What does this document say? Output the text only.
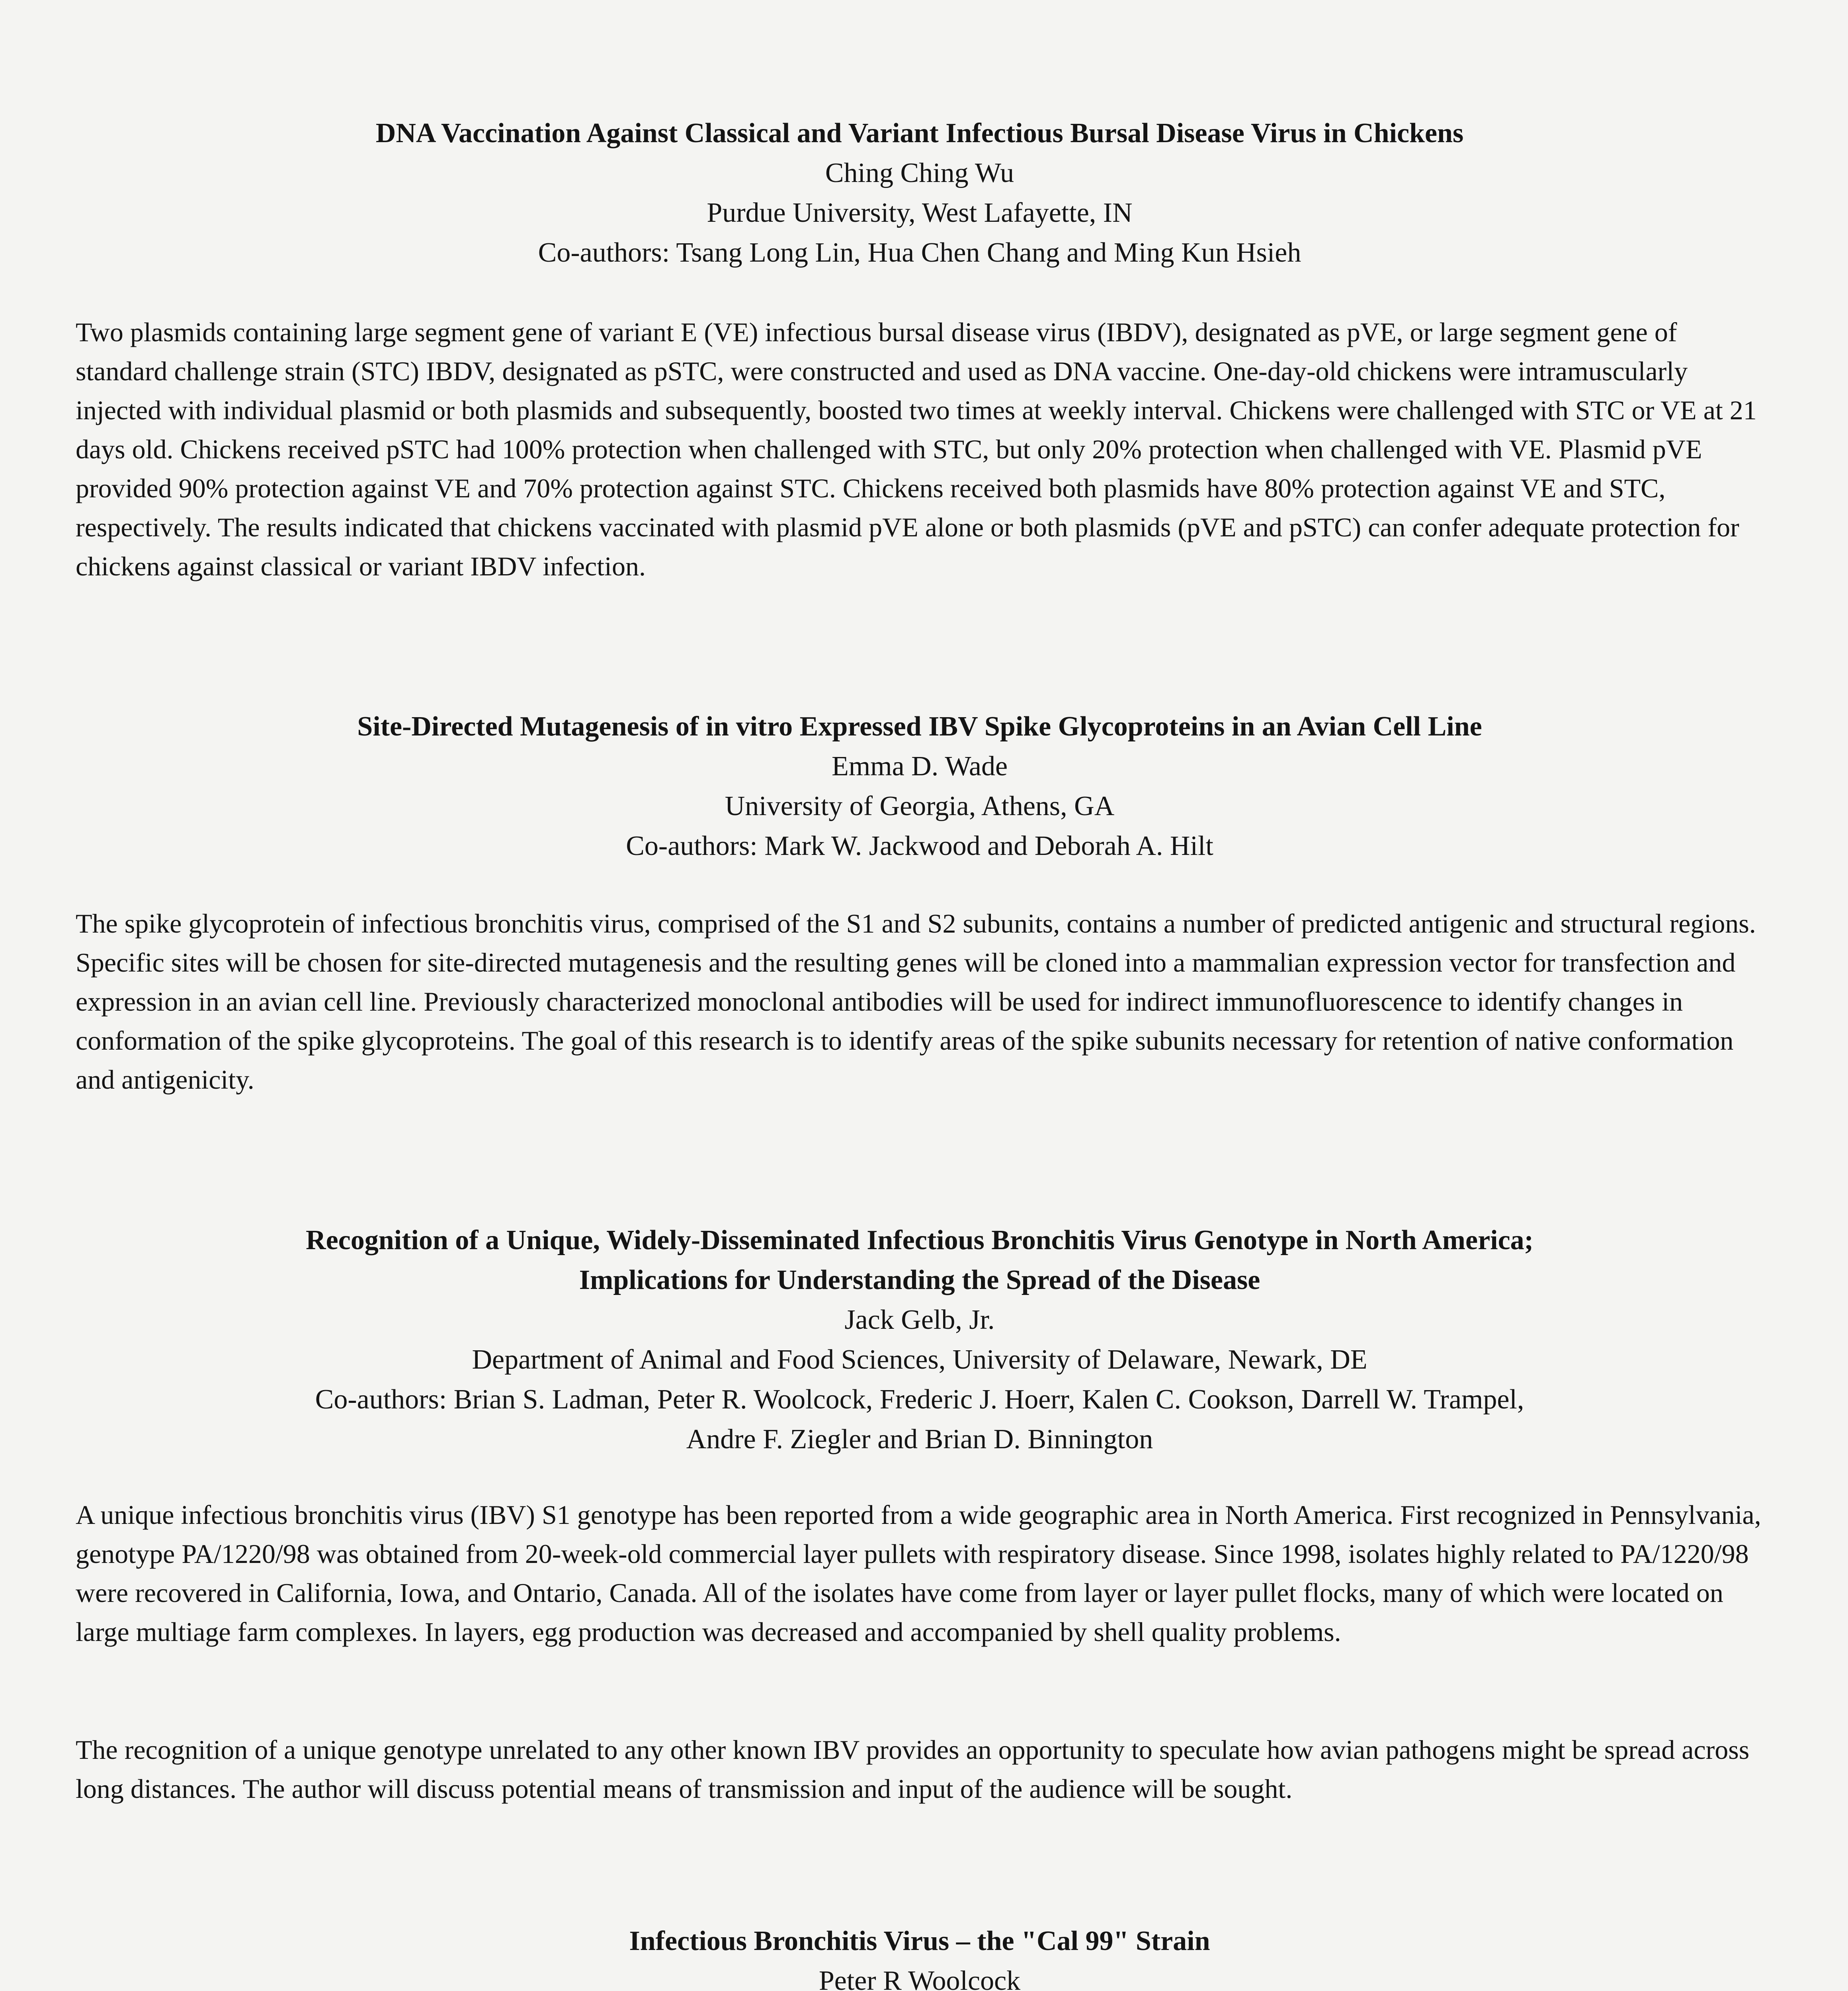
DNA Vaccination Against Classical and Variant Infectious Bursal Disease Virus in Chickens

Ching Ching Wu

Purdue University, West Lafayette, IN

Co-authors: Tsang Long Lin, Hua Chen Chang and Ming Kun Hsieh

Two plasmids containing large segment gene of variant E (VE) infectious bursal disease virus (IBDV), designated as pVE, or large segment gene of standard challenge strain (STC) IBDV, designated as pSTC, were constructed and used as DNA vaccine. One-day-old chickens were intramuscularly injected with individual plasmid or both plasmids and subsequently, boosted two times at weekly interval. Chickens were challenged with STC or VE at 21 days old. Chickens received pSTC had 100% protection when challenged with STC, but only 20% protection when challenged with VE. Plasmid pVE provided 90% protection against VE and 70% protection against STC. Chickens received both plasmids have 80% protection against VE and STC, respectively. The results indicated that chickens vaccinated with plasmid pVE alone or both plasmids (pVE and pSTC) can confer adequate protection for chickens against classical or variant IBDV infection.

Site-Directed Mutagenesis of in vitro Expressed IBV Spike Glycoproteins in an Avian Cell Line

Emma D. Wade

University of Georgia, Athens, GA

Co-authors: Mark W. Jackwood and Deborah A. Hilt

The spike glycoprotein of infectious bronchitis virus, comprised of the S1 and S2 subunits, contains a number of predicted antigenic and structural regions. Specific sites will be chosen for site-directed mutagenesis and the resulting genes will be cloned into a mammalian expression vector for transfection and expression in an avian cell line. Previously characterized monoclonal antibodies will be used for indirect immunofluorescence to identify changes in conformation of the spike glycoproteins. The goal of this research is to identify areas of the spike subunits necessary for retention of native conformation and antigenicity.

Recognition of a Unique, Widely-Disseminated Infectious Bronchitis Virus Genotype in North America;

Implications for Understanding the Spread of the Disease

Jack Gelb, Jr.

Department of Animal and Food Sciences, University of Delaware, Newark, DE

Co-authors: Brian S. Ladman, Peter R. Woolcock, Frederic J. Hoerr, Kalen C. Cookson, Darrell W. Trampel,

Andre F. Ziegler and Brian D. Binnington

A unique infectious bronchitis virus (IBV) S1 genotype has been reported from a wide geographic area in North America. First recognized in Pennsylvania, genotype PA/1220/98 was obtained from 20-week-old commercial layer pullets with respiratory disease. Since 1998, isolates highly related to PA/1220/98 were recovered in California, Iowa, and Ontario, Canada. All of the isolates have come from layer or layer pullet flocks, many of which were located on large multiage farm complexes. In layers, egg production was decreased and accompanied by shell quality problems.

The recognition of a unique genotype unrelated to any other known IBV provides an opportunity to speculate how avian pathogens might be spread across long distances. The author will discuss potential means of transmission and input of the audience will be sought.

Infectious Bronchitis Virus – the "Cal 99" Strain

Peter R Woolcock
